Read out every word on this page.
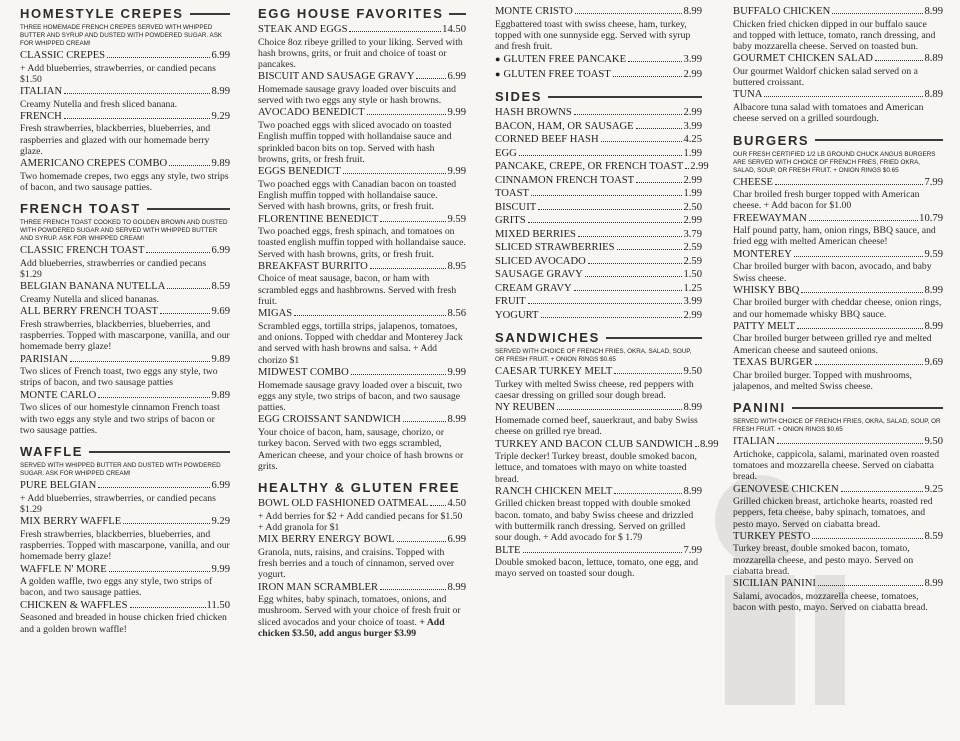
HOMESTYLE CREPES
THREE HOMEMADE FRENCH CREPES SERVED WITH WHIPPED BUTTER AND SYRUP AND DUSTED WITH POWDERED SUGAR. ASK FOR WHIPPED CREAM!
CLASSIC CREPES	6.99
+ Add blueberries, strawberries, or candied pecans $1.50
ITALIAN	8.99
Creamy Nutella and fresh sliced banana.
FRENCH	9.29
Fresh strawberries, blackberries, blueberries, and raspberries and glazed with our homemade berry glaze.
AMERICANO CREPES COMBO	9.89
Two homemade crepes, two eggs any style, two strips of bacon, and two sausage patties.
FRENCH TOAST
THREE FRENCH TOAST COOKED TO GOLDEN BROWN AND DUSTED WITH POWDERED SUGAR AND SERVED WITH WHIPPED BUTTER AND SYRUP. ASK FOR WHIPPED CREAM!
CLASSIC FRENCH TOAST	6.99
Add blueberries, strawberries or candied pecans $1.29
BELGIAN BANANA NUTELLA	8.59
Creamy Nutella and sliced bananas.
ALL BERRY FRENCH TOAST	9.69
Fresh strawberries, blackberries, blueberries, and raspberries. Topped with mascarpone, vanilla, and our homemade berry glaze!
PARISIAN	9.89
Two slices of French toast, two eggs any style, two strips of bacon, and two sausage patties
MONTE CARLO	9.89
Two slices of our homestyle cinnamon French toast with two eggs any style and two strips of bacon or two sausage patties.
WAFFLE
SERVED WITH WHIPPED BUTTER AND DUSTED WITH POWDERED SUGAR. ASK FOR WHIPPED CREAM!
PURE BELGIAN	6.99
+ Add blueberries, strawberries, or candied pecans $1.29
MIX BERRY WAFFLE	9.29
Fresh strawberries, blackberries, blueberries, and raspberries. Topped with mascarpone, vanilla, and our homemade berry glaze!
WAFFLE N' MORE	9.99
A golden waffle, two eggs any style, two strips of bacon, and two sausage patties.
CHICKEN & WAFFLES	11.50
Seasoned and breaded in house chicken fried chicken and a golden brown waffle!
EGG HOUSE FAVORITES
STEAK AND EGGS	14.50
Choice 8oz ribeye grilled to your liking. Served with hash browns, grits, or fruit and choice of toast or pancakes.
BISCUIT AND SAUSAGE GRAVY	6.99
Homemade sausage gravy loaded over biscuits and served with two eggs any style or hash browns.
AVOCADO BENEDICT	9.99
Two poached eggs with sliced avocado on toasted English muffin topped with hollandaise sauce and sprinkled bacon bits on top. Served with hash browns, grits, or fresh fruit.
EGGS BENEDICT	9.99
Two poached eggs with Canadian bacon on toasted English muffin topped with hollandaise sauce. Served with hash browns, grits, or fresh fruit.
FLORENTINE BENEDICT	9.59
Two poached eggs, fresh spinach, and tomatoes on toasted english muffin topped with hollandaise sauce. Served with hash browns, grits, or fresh fruit.
BREAKFAST BURRITO	8.95
Choice of meat sausage, bacon, or ham with scrambled eggs and hashbrowns. Served with fresh fruit.
MIGAS	8.56
Scrambled eggs, tortilla strips, jalapenos, tomatoes, and onions. Topped with cheddar and Monterey Jack and served with hash browns and salsa. + Add chorizo $1
MIDWEST COMBO	9.99
Homemade sausage gravy loaded over a biscuit, two eggs any style, two strips of bacon, and two sausage patties.
EGG CROISSANT SANDWICH	8.99
Your choice of bacon, ham, sausage, chorizo, or turkey bacon. Served with two eggs scrambled, American cheese, and your choice of hash browns or grits.
HEALTHY & GLUTEN FREE
BOWL OLD FASHIONED OATMEAL 4.50
+ Add berries for $2 + Add candied pecans for $1.50 + Add granola for $1
MIX BERRY ENERGY BOWL	6.99
Granola, nuts, raisins, and craisins. Topped with fresh berries and a touch of cinnamon, served over yogurt.
IRON MAN SCRAMBLER	8.99
Egg whites, baby spinach, tomatoes, onions, and mushroom. Served with your choice of fresh fruit or sliced avocados and your choice of toast. + Add chicken $3.50, add angus burger $3.99
MONTE CRISTO	8.99
Eggbattered toast with swiss cheese, ham, turkey, topped with one sunnyside egg. Served with syrup and fresh fruit.
● GLUTEN FREE PANCAKE	3.99
● GLUTEN FREE TOAST	2.99
SIDES
HASH BROWNS	2.99
BACON, HAM, OR SAUSAGE	3.99
CORNED BEEF HASH	4.25
EGG	1.99
PANCAKE, CREPE, OR FRENCH TOAST 2.99
CINNAMON FRENCH TOAST	2.99
TOAST	1.99
BISCUIT	2.50
GRITS	2.99
MIXED BERRIES	3.79
SLICED STRAWBERRIES	2.59
SLICED AVOCADO	2.59
SAUSAGE GRAVY	1.50
CREAM GRAVY	1.25
FRUIT	3.99
YOGURT	2.99
SANDWICHES
SERVED WITH CHOICE OF FRENCH FRIES, OKRA, SALAD, SOUP, OR FRESH FRUIT. + ONION RINGS $0.65
CAESAR TURKEY MELT	9.50
Turkey with melted Swiss cheese, red peppers with caesar dressing on grilled sour dough bread.
NY REUBEN	8.99
Homemade corned beef, sauerkraut, and baby Swiss cheese on grilled rye bread.
TURKEY AND BACON CLUB SANDWICH 8.99
Triple decker! Turkey breast, double smoked bacon, lettuce, and tomatoes with mayo on white toasted bread.
RANCH CHICKEN MELT	8.99
Grilled chicken breast topped with double smoked bacon. tomato, and baby Swiss cheese and drizzled with buttermilk ranch dressing. Served on grilled sour dough. + Add avocado for $ 1.79
BLTE	7.99
Double smoked bacon, lettuce, tomato, one egg, and mayo served on toasted sour dough.
BUFFALO CHICKEN	8.99
Chicken fried chicken dipped in our buffalo sauce and topped with lettuce, tomato, ranch dressing, and baby mozzarella cheese. Served on toasted bun.
GOURMET CHICKEN SALAD	8.89
Our gourmet Waldorf chicken salad served on a buttered croissant.
TUNA	8.89
Albacore tuna salad with tomatoes and American cheese served on a grilled sourdough.
BURGERS
OUR FRESH CERTIFIED 1/2 LB GROUND CHUCK ANGUS BURGERS ARE SERVED WITH CHOICE OF FRENCH FRIES, FRIED OKRA, SALAD, SOUP, OR FRESH FRUIT. + ONION RINGS $0.65
CHEESE	7.99
Char broiled fresh burger topped with American cheese. + Add bacon for $1.00
FREEWAYMAN	10.79
Half pound patty, ham, onion rings, BBQ sauce, and fried egg with melted American cheese!
MONTEREY	9.59
Char broiled burger with bacon, avocado, and baby Swiss cheese.
WHISKY BBQ	8.99
Char broiled burger with cheddar cheese, onion rings, and our homemade whisky BBQ sauce.
PATTY MELT	8.99
Char broiled burger between grilled rye and melted American cheese and sauteed onions.
TEXAS BURGER	9.69
Char broiled burger. Topped with mushrooms, jalapenos, and melted Swiss cheese.
PANINI
SERVED WITH CHOICE OF FRENCH FRIES, OKRA, SALAD, SOUP, OR FRESH FRUIT. + ONION RINGS $0.65
ITALIAN	9.50
Artichoke, cappicola, salami, marinated oven roasted tomatoes and mozzarella cheese. Served on ciabatta bread.
GENOVESE CHICKEN	9.25
Grilled chicken breast, artichoke hearts, roasted red peppers, feta cheese, baby spinach, tomatoes, and pesto mayo. Served on ciabatta bread.
TURKEY PESTO	8.59
Turkey breast, double smoked bacon, tomato, mozzarella cheese, and pesto mayo. Served on ciabatta bread.
SICILIAN PANINI	8.99
Salami, avocados, mozzarella cheese, tomatoes, bacon with pesto, mayo. Served on ciabatta bread.
